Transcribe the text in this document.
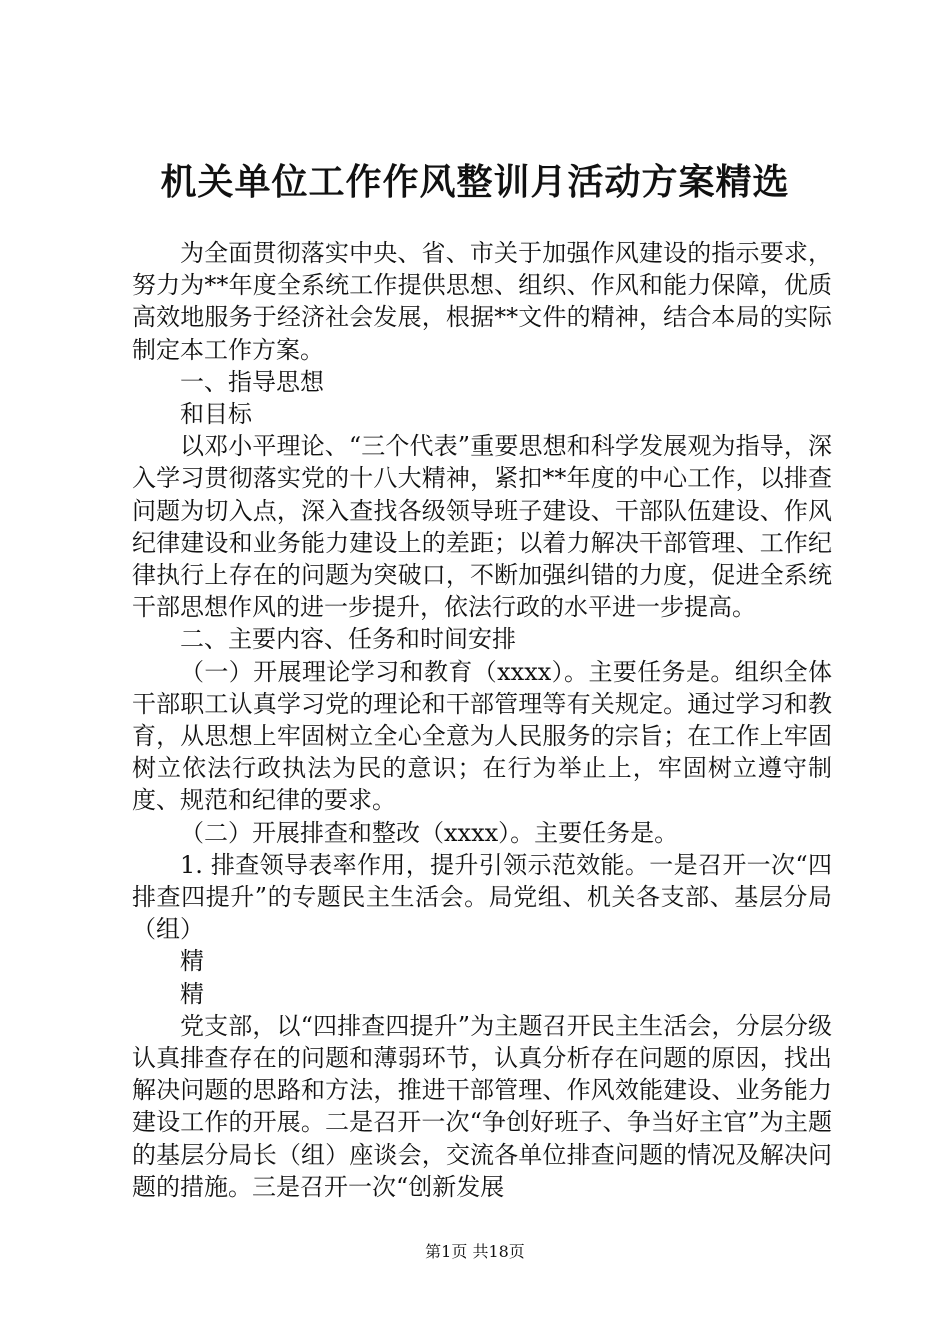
机关单位工作作风整训月活动方案精选

为全面贯彻落实中央、省、市关于加强作风建设的指示要求，努力为**年度全系统工作提供思想、组织、作风和能力保障，优质高效地服务于经济社会发展，根据**文件的精神，结合本局的实际制定本工作方案。

一、指导思想

和目标

以邓小平理论、“三个代表”重要思想和科学发展观为指导，深入学习贯彻落实党的十八大精神，紧扣**年度的中心工作，以排查问题为切入点，深入查找各级领导班子建设、干部队伍建设、作风纪律建设和业务能力建设上的差距；以着力解决干部管理、工作纪律执行上存在的问题为突破口，不断加强纠错的力度，促进全系统干部思想作风的进一步提升，依法行政的水平进一步提高。

二、主要内容、任务和时间安排

（一）开展理论学习和教育（xxxx）。主要任务是。组织全体干部职工认真学习党的理论和干部管理等有关规定。通过学习和教育，从思想上牢固树立全心全意为人民服务的宗旨；在工作上牢固树立依法行政执法为民的意识；在行为举止上，牢固树立遵守制度、规范和纪律的要求。

（二）开展排查和整改（xxxx）。主要任务是。

1. 排查领导表率作用，提升引领示范效能。一是召开一次“四排查四提升”的专题民主生活会。局党组、机关各支部、基层分局（组）

精

精

党支部，以“四排查四提升”为主题召开民主生活会，分层分级认真排查存在的问题和薄弱环节，认真分析存在问题的原因，找出解决问题的思路和方法，推进干部管理、作风效能建设、业务能力建设工作的开展。二是召开一次“争创好班子、争当好主官”为主题的基层分局长（组）座谈会，交流各单位排查问题的情况及解决问题的措施。三是召开一次“创新发展

第1页 共18页
